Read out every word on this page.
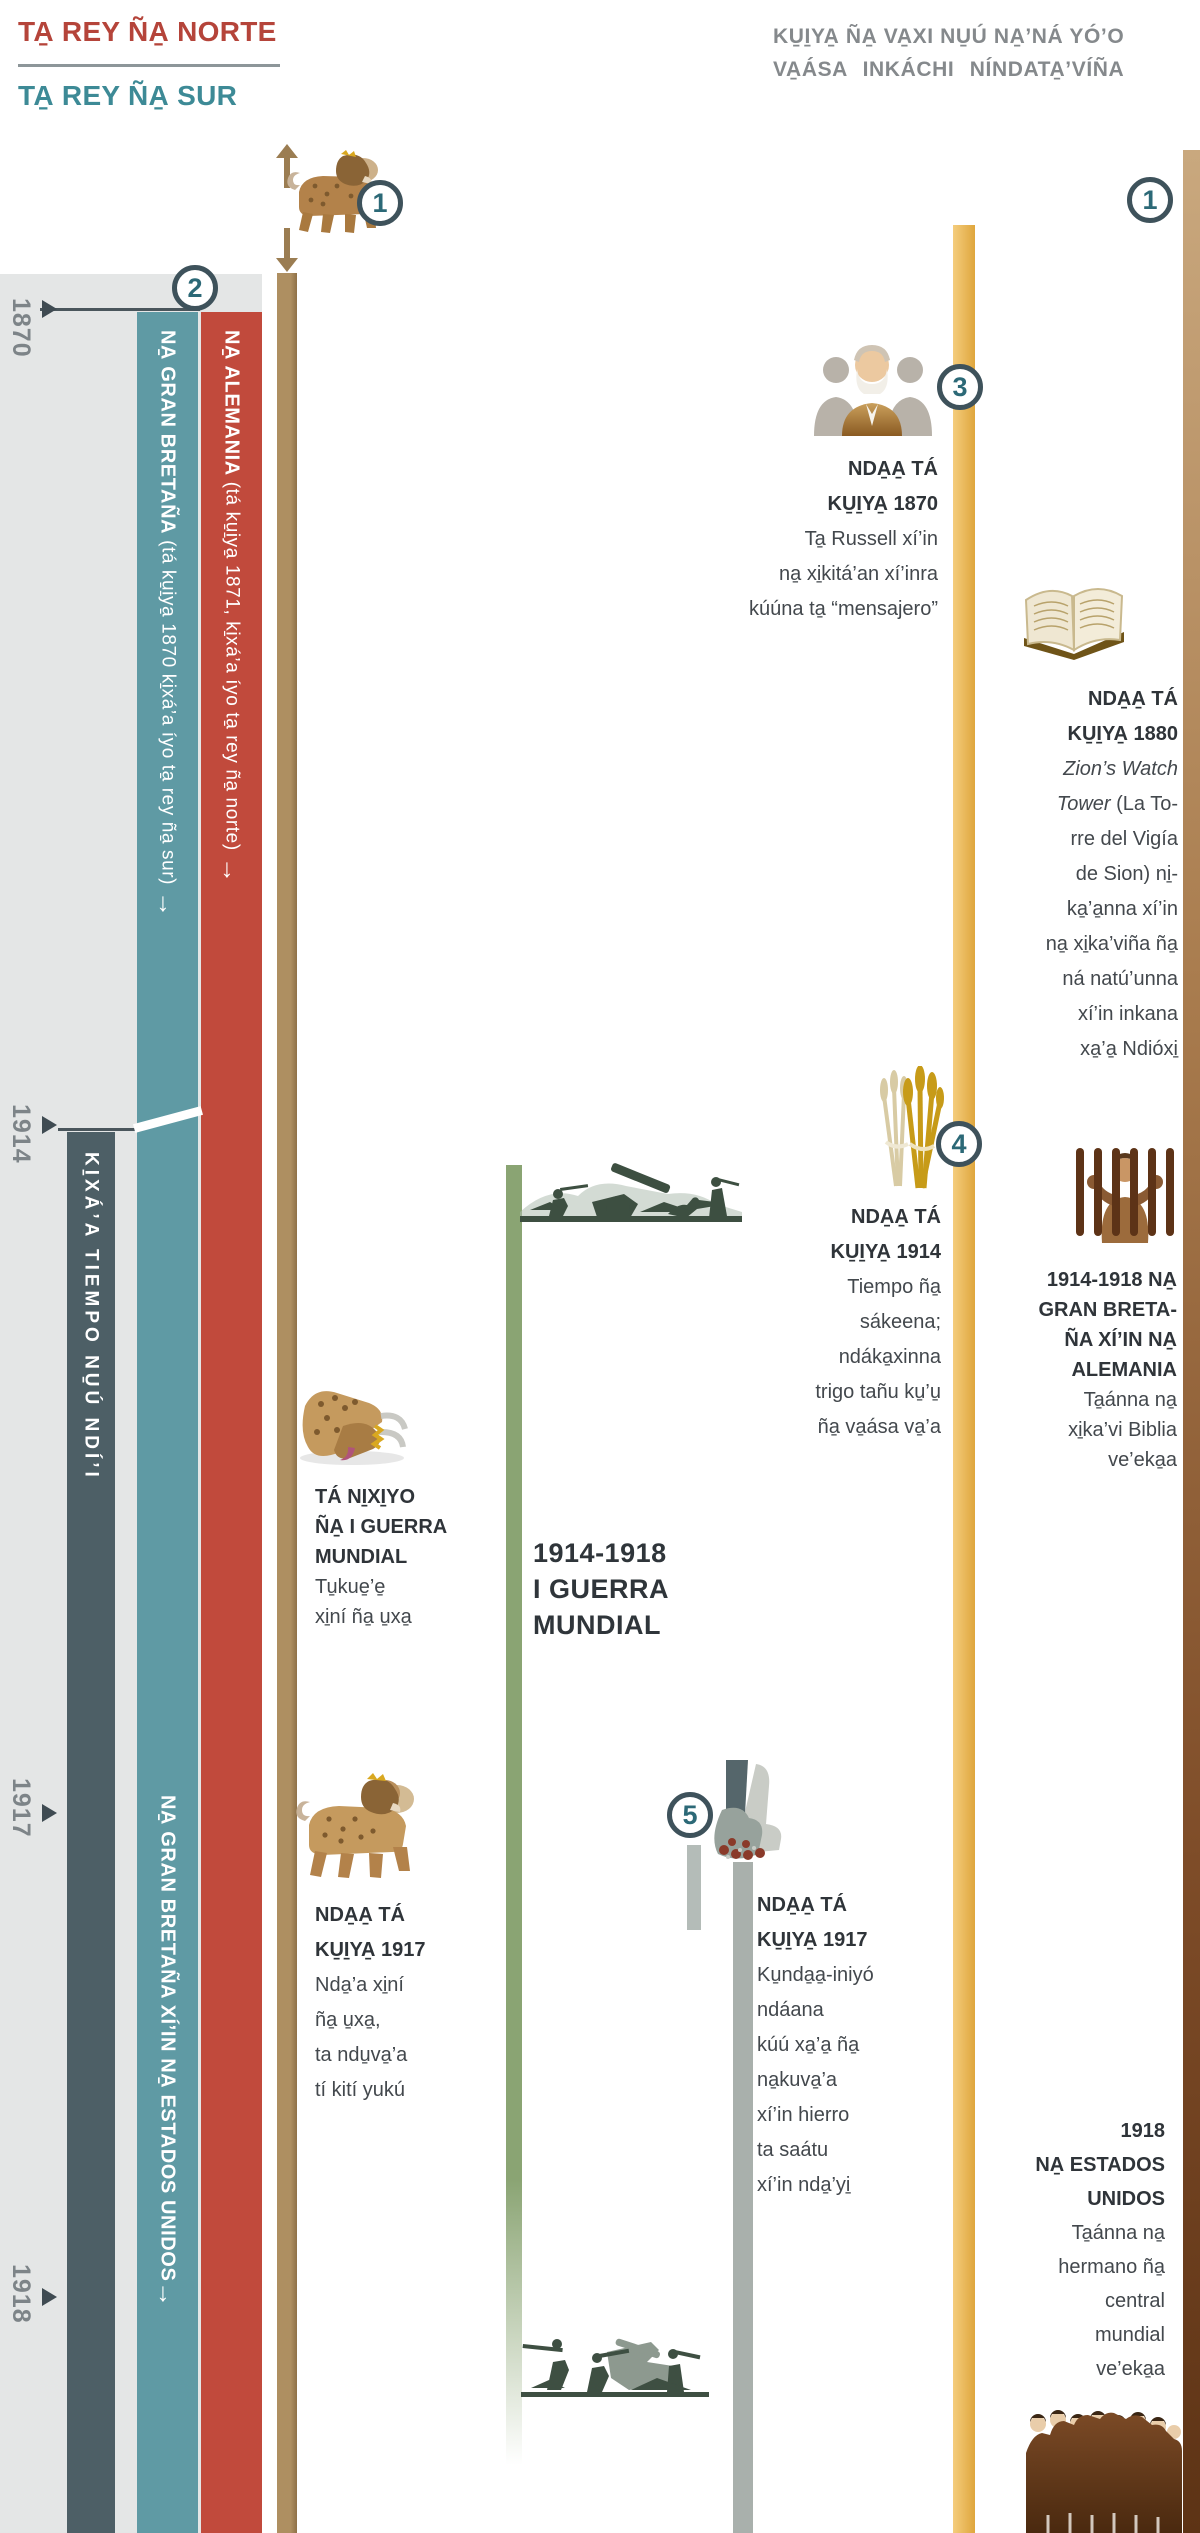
TA̱ REY ÑA̱ NORTE
TA̱ REY ÑA̱ SUR
KU̱I̱YA̱ ÑA̱ VA̱XI NU̱Ú NA̱’NÁ YÓ’O
VA̱ÁSA INKÁCHI NÍNDATA̱’VÍÑA
1870
1914
1917
1918
NA̱ GRAN BRETAÑA (tá ku̱i̱ya̱ 1870 ki̱xá’a íyo ta̱ rey ña̱ sur) →
NA̱ ALEMANIA (tá ku̱i̱ya̱ 1871, ki̱xá’a íyo ta̱ rey ña̱ norte) →
NA̱ GRAN BRETAÑA XÍ’IN NA̱ ESTADOS UNIDOS→
KI̱XÁ’A TIEMPO NU̱Ú NDÍ’I
1	1
2
3
4
5
NDA̱A̱ TÁ
KU̱I̱YA̱ 1870
Ta̱ Russell xí’in
na̱ xi̱kitá’an xí’inra
kúúna ta̱ “mensajero”
NDA̱A̱ TÁ
KU̱I̱YA̱ 1880
Zion’s Watch
Tower (La To-
rre del Vigía
de Sion) ni̱-
ka̱’a̱nna xí’in
na̱ xi̱ka’viña ña̱
ná natú’unna
xí’in inkana
xa̱’a̱ Ndióxi̱
NDA̱A̱ TÁ
KU̱I̱YA̱ 1914
Tiempo ña̱
sákeena;
ndáka̱xinna
trigo tañu ku̱’u̱
ña̱ va̱ása va̱’a
1914-1918 NA̱
GRAN BRETA-
ÑA XÍ’IN NA̱
ALEMANIA
Ta̱ánna na̱
xi̱ka’vi Biblia
ve’eka̱a
TÁ NI̱XI̱YO
ÑA̱ I GUERRA
MUNDIAL
Tu̱kue̱’e̱
xi̱ní ña̱ u̱xa̱
1914-1918
I GUERRA
MUNDIAL
NDA̱A̱ TÁ
KU̱I̱YA̱ 1917
Nda̱’a xi̱ní
ña̱ u̱xa̱,
ta ndu̱va̱’a
tí kití yukú
NDA̱A̱ TÁ
KU̱I̱YA̱ 1917
Ku̱nda̱a̱-iniyó
ndáana
kúú xa̱’a̱ ña̱
na̱kuva̱’a
xí’in hierro
ta saátu
xí’in nda̱’yi̱
1918
NA̱ ESTADOS
UNIDOS
Ta̱ánna na̱
hermano ña̱
central
mundial
ve’eka̱a
